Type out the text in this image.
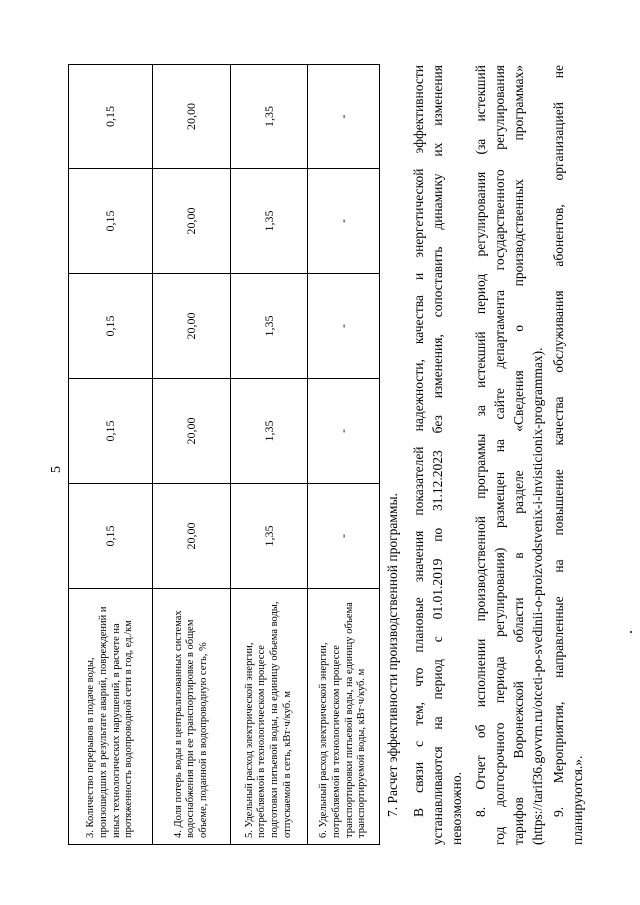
5
3. Количество перерывов в подаче воды, произошедших в результате аварий, повреждений и иных технологических нарушений, в расчете на протяженность водопроводной сети в год, ед./км	0,15	0,15	0,15	0,15	0,15
4. Доля потерь воды в централизованных системах водоснабжения при ее транспортировке в общем объеме, поданной в водопроводную сеть, %	20,00	20,00	20,00	20,00	20,00
5. Удельный расход электрической энергии, потребляемой в технологическом процессе подготовки питьевой воды, на единицу объема воды, отпускаемой в сеть, кВт·ч/куб. м	1,35	1,35	1,35	1,35	1,35
6. Удельный расход электрической энергии, потребляемой в технологическом процессе транспортировки питьевой воды, на единицу объема транспортируемой воды, кВт·ч/куб. м	-	-	-	-	-
7. Расчет эффективности производственной программы. В связи с тем, что плановые значения показателей надежности, качества и энергетической эффективности устанавливаются на период с 01.01.2019 по 31.12.2023 без изменения, сопоставить динамику их изменения невозможно. 8. Отчет об исполнении производственной программы за истекший период регулирования (за истекший год долгосрочного периода регулирования) размещен на сайте департамента государственного регулирования тарифов Воронежской области в разделе «Сведения о производственных программах» (https://tarif36.govvrn.ru/otcеti-po-svedinii-o-proizvodstvenix-i-invisticionix-programmax). 9. Мероприятия, направленные на повышение качества обслуживания абонентов, организацией не планируются.».
